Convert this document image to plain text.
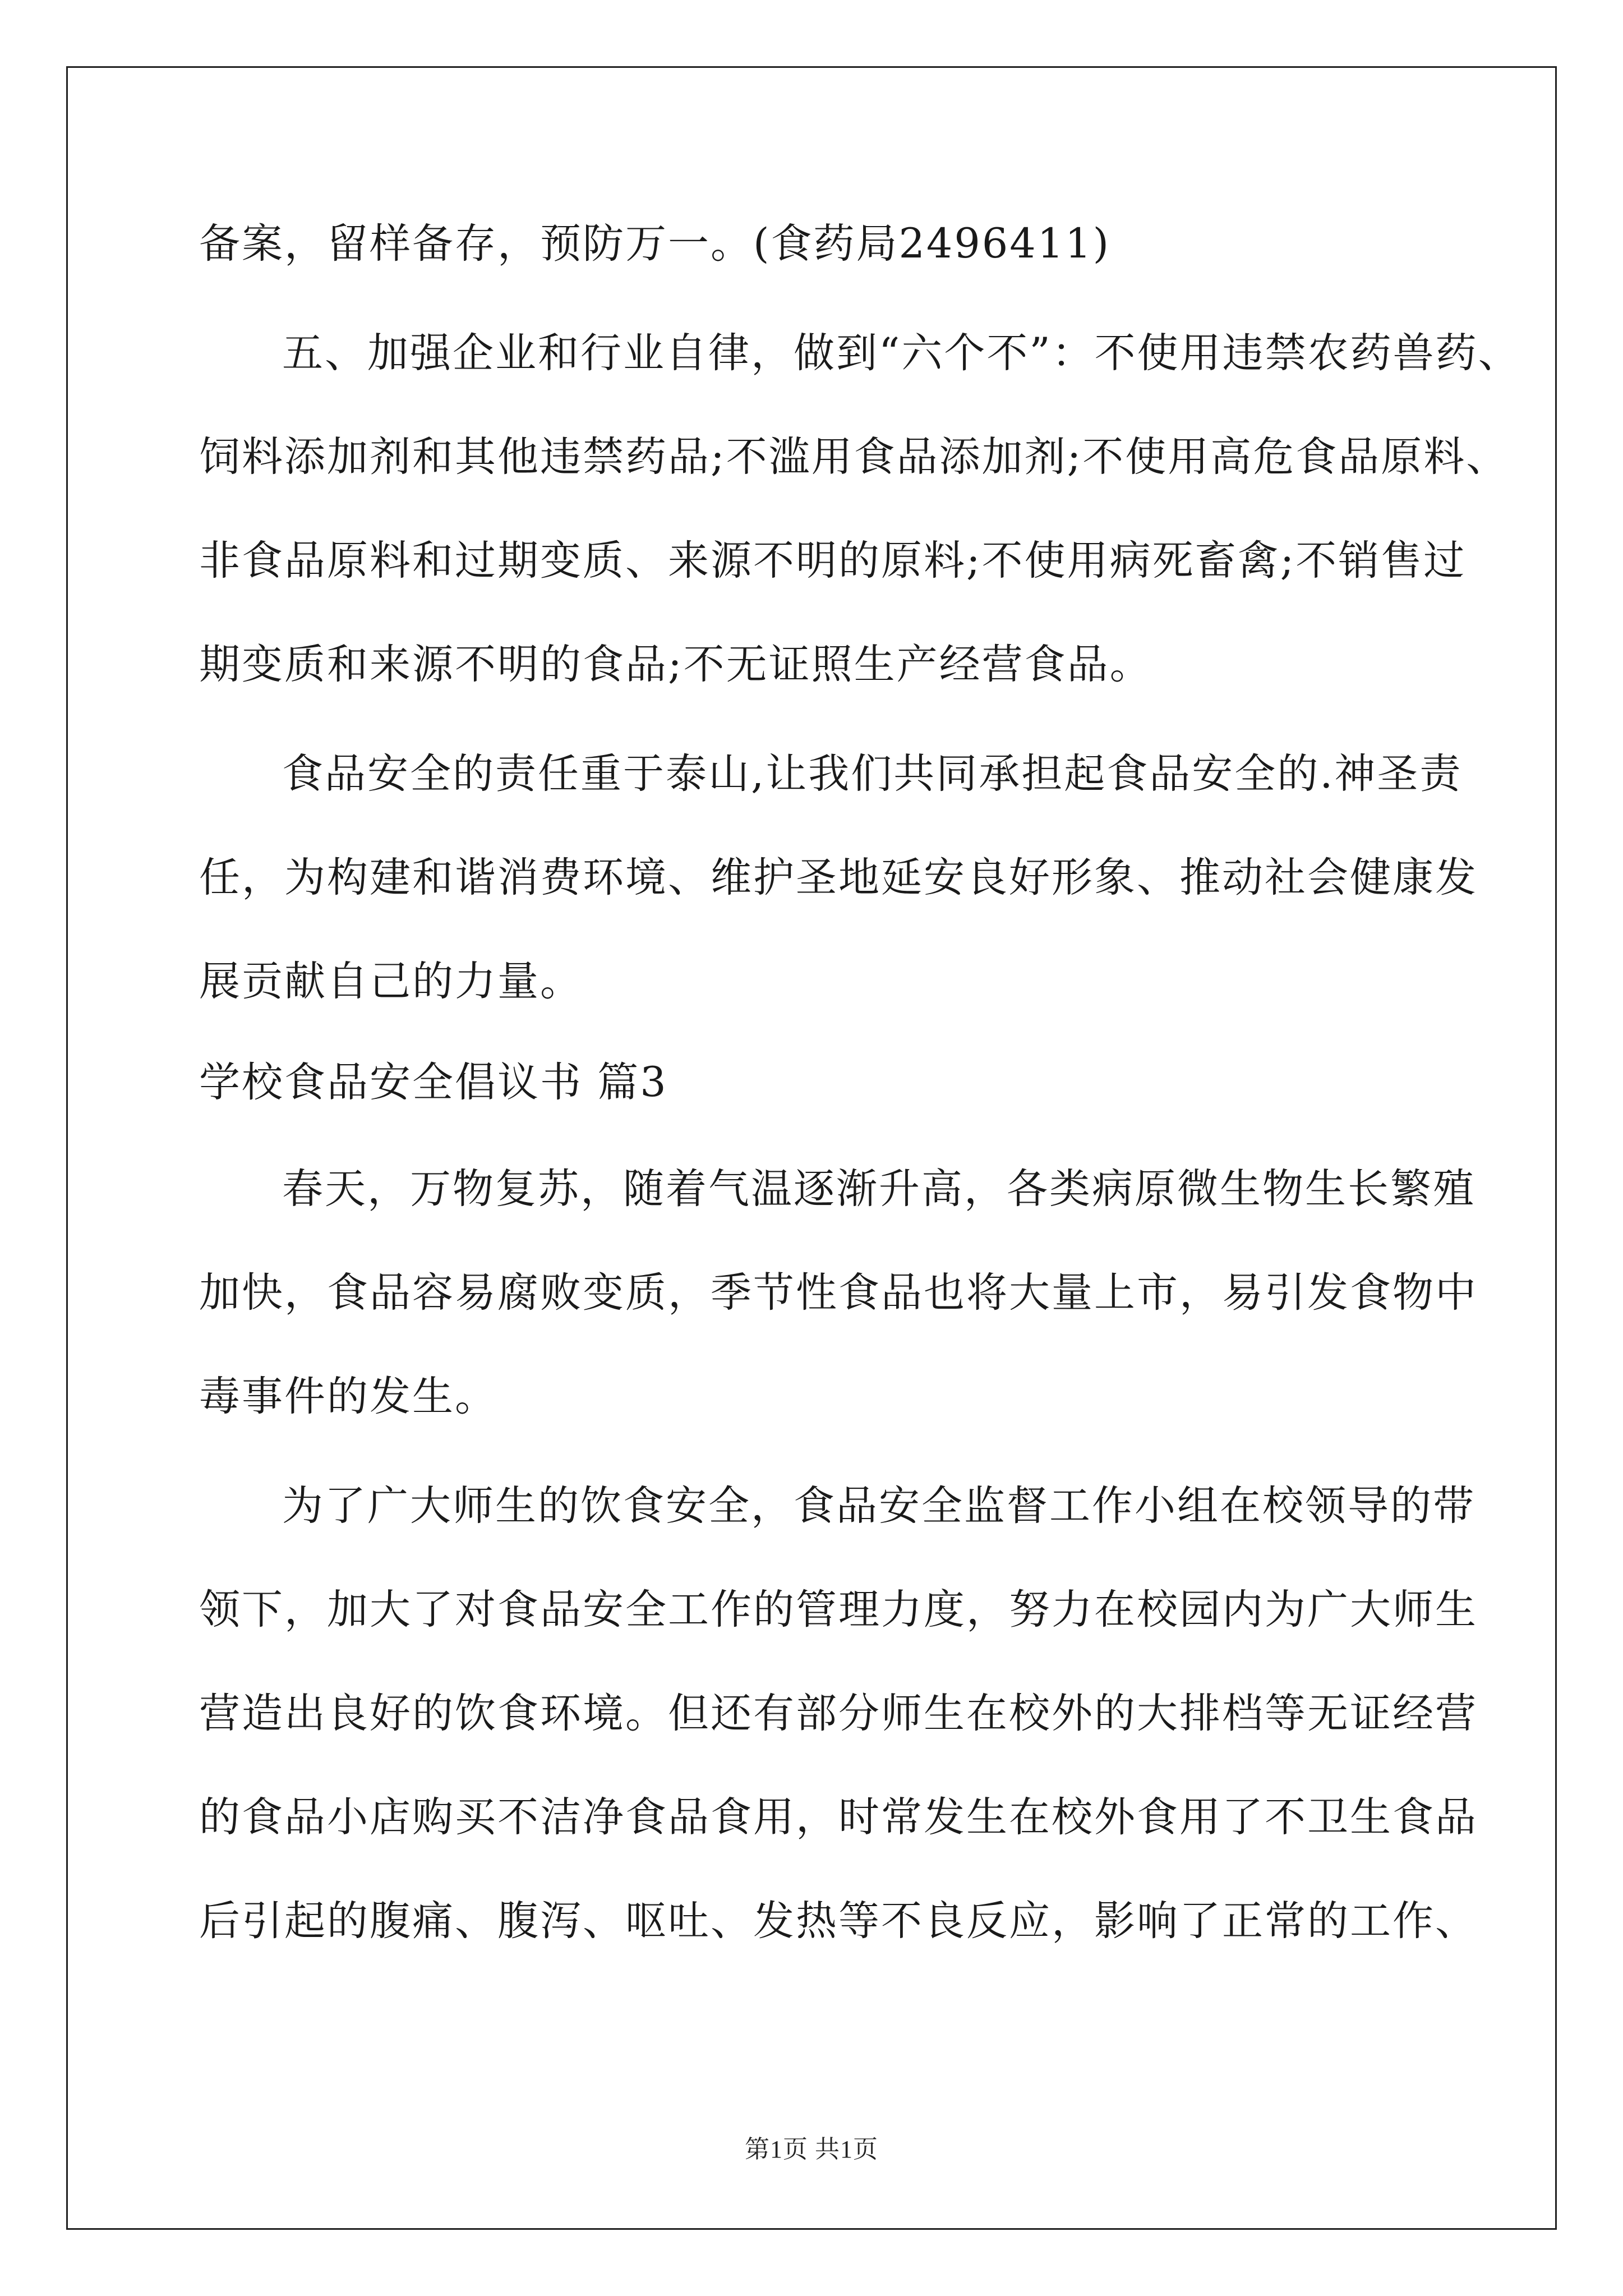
备案，留样备存，预防万一。(食药局2496411)
五、加强企业和行业自律，做到“六个不”：不使用违禁农药兽药、
饲料添加剂和其他违禁药品;不滥用食品添加剂;不使用高危食品原料、
非食品原料和过期变质、来源不明的原料;不使用病死畜禽;不销售过
期变质和来源不明的食品;不无证照生产经营食品。
食品安全的责任重于泰山,让我们共同承担起食品安全的.神圣责
任，为构建和谐消费环境、维护圣地延安良好形象、推动社会健康发
展贡献自己的力量。
学校食品安全倡议书 篇3
春天，万物复苏，随着气温逐渐升高，各类病原微生物生长繁殖
加快，食品容易腐败变质，季节性食品也将大量上市，易引发食物中
毒事件的发生。
为了广大师生的饮食安全，食品安全监督工作小组在校领导的带
领下，加大了对食品安全工作的管理力度，努力在校园内为广大师生
营造出良好的饮食环境。但还有部分师生在校外的大排档等无证经营
的食品小店购买不洁净食品食用，时常发生在校外食用了不卫生食品
后引起的腹痛、腹泻、呕吐、发热等不良反应，影响了正常的工作、
第1页 共1页
